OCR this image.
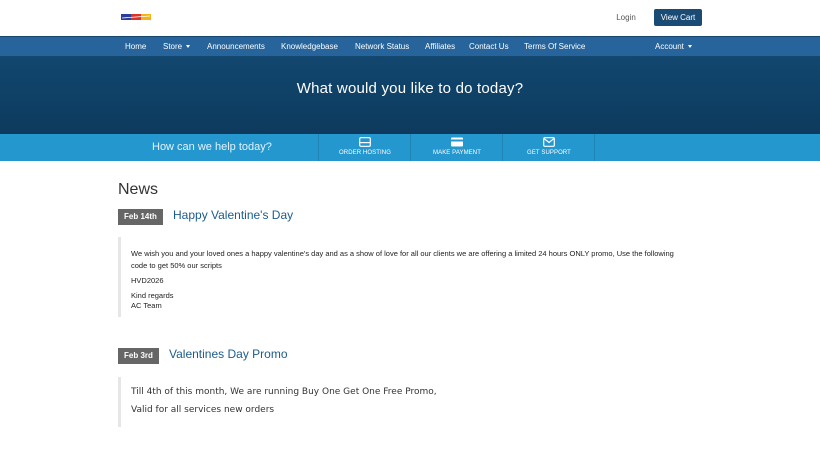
Login	View Cart
Home Store	Announcements Knowledgebase Network Status Affiliates Contact Us Terms Of Service	Account
What would you like to do today?
How can we help today?	ORDER HOSTING	MAKE PAYMENT	GET SUPPORT
News
Feb 14th	Happy Valentine's Day
We wish you and your loved ones a happy valentine's day and as a show of love for all our clients we are offering a limited 24 hours ONLY promo, Use the following
code to get 50% our scripts
HVD2026
Kind regards
AC Team
Feb 3rd	Valentines Day Promo
Till 4th of this month, We are running Buy One Get One Free Promo,
Valid for all services new orders
